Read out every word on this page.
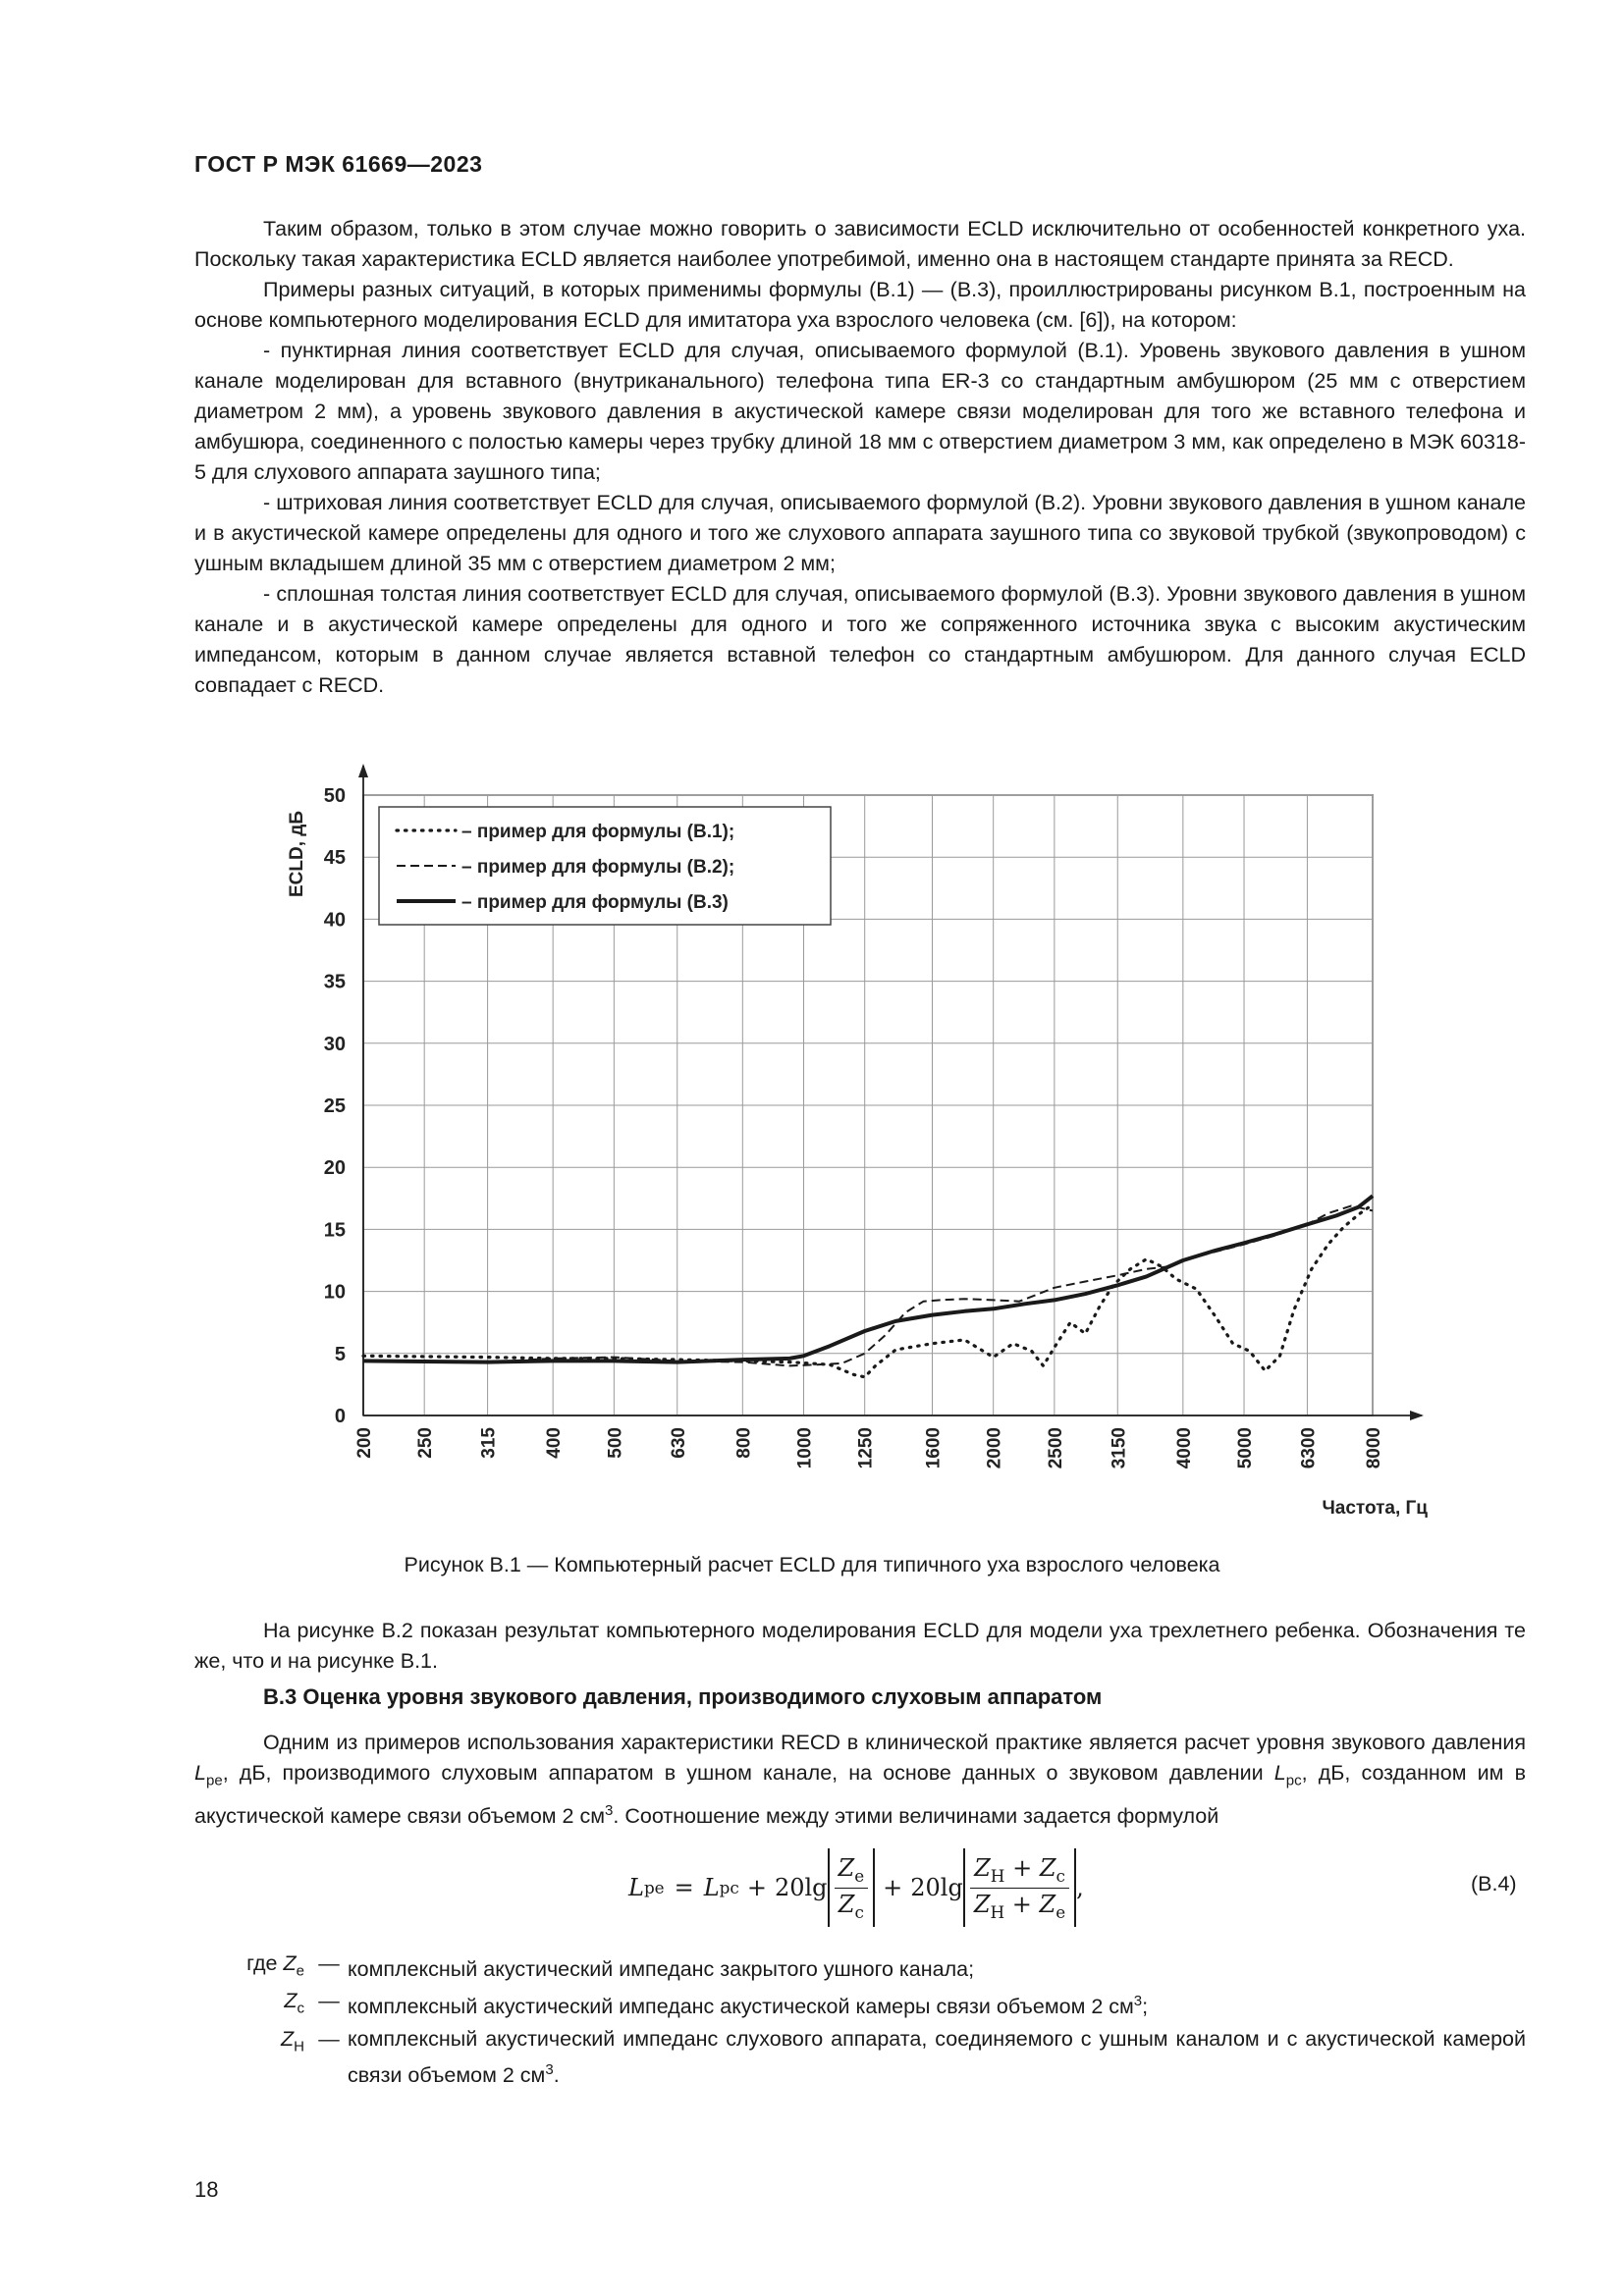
ГОСТ Р МЭК 61669—2023

Таким образом, только в этом случае можно говорить о зависимости ECLD исключительно от особенностей конкретного уха. Поскольку такая характеристика ECLD является наиболее употребимой, именно она в настоящем стандарте принята за RECD.

Примеры разных ситуаций, в которых применимы формулы (В.1) — (В.3), проиллюстрированы рисунком В.1, построенным на основе компьютерного моделирования ECLD для имитатора уха взрослого человека (см. [6]), на котором:

- пунктирная линия соответствует ECLD для случая, описываемого формулой (В.1). Уровень звукового давления в ушном канале моделирован для вставного (внутриканального) телефона типа ER-3 со стандартным амбушюром (25 мм с отверстием диаметром 2 мм), а уровень звукового давления в акустической камере связи моделирован для того же вставного телефона и амбушюра, соединенного с полостью камеры через трубку длиной 18 мм с отверстием диаметром 3 мм, как определено в МЭК 60318-5 для слухового аппарата заушного типа;

- штриховая линия соответствует ECLD для случая, описываемого формулой (В.2). Уровни звукового давления в ушном канале и в акустической камере определены для одного и того же слухового аппарата заушного типа со звуковой трубкой (звукопроводом) с ушным вкладышем длиной 35 мм с отверстием диаметром 2 мм;

- сплошная толстая линия соответствует ECLD для случая, описываемого формулой (В.3). Уровни звукового давления в ушном канале и в акустической камере определены для одного и того же сопряженного источника звука с высоким акустическим импедансом, которым в данном случае является вставной телефон со стандартным амбушюром. Для данного случая ECLD совпадает с RECD.

0
5
10
15
20
25
30
35
40
45
50
200 250 315 400 500 630 800 1000 1250	1600 2000 2500 3150 4000 5000 6300 8000
ECLD, дБ
Частота, Гц
– пример для формулы (В.1);
– пример для формулы (В.2);
– пример для формулы (В.3)
Рисунок В.1 — Компьютерный расчет ECLD для типичного уха взрослого человека

На рисунке В.2 показан результат компьютерного моделирования ECLD для модели уха трехлетнего ребенка. Обозначения те же, что и на рисунке В.1.

В.3 Оценка уровня звукового давления, производимого слуховым аппаратом

Одним из примеров использования характеристики RECD в клинической практике является расчет уровня звукового давления $L_{pe}$, дБ, производимого слуховым аппаратом в ушном канале, на основе данных о звуковом давлении $L_{pc}$, дБ, созданном им в акустической камере связи объемом 2 $см^3$. Соотношение между этими величинами задается формулой

L pe = L pc + $20\lg \frac{Z_e}{Z_c} + 20\lg \frac{Z_H + Z_c}{Z_H + Z_e}$ ,	(В.4)
где $Z_e$ — комплексный акустический импеданс закрытого ушного канала;
$Z_c$ — комплексный акустический импеданс акустической камеры связи объемом 2 $см^3$;
$Z_H$ — комплексный акустический импеданс слухового аппарата, соединяемого с ушным каналом и с акустической камерой связи объемом 2 $см^3$.
18
